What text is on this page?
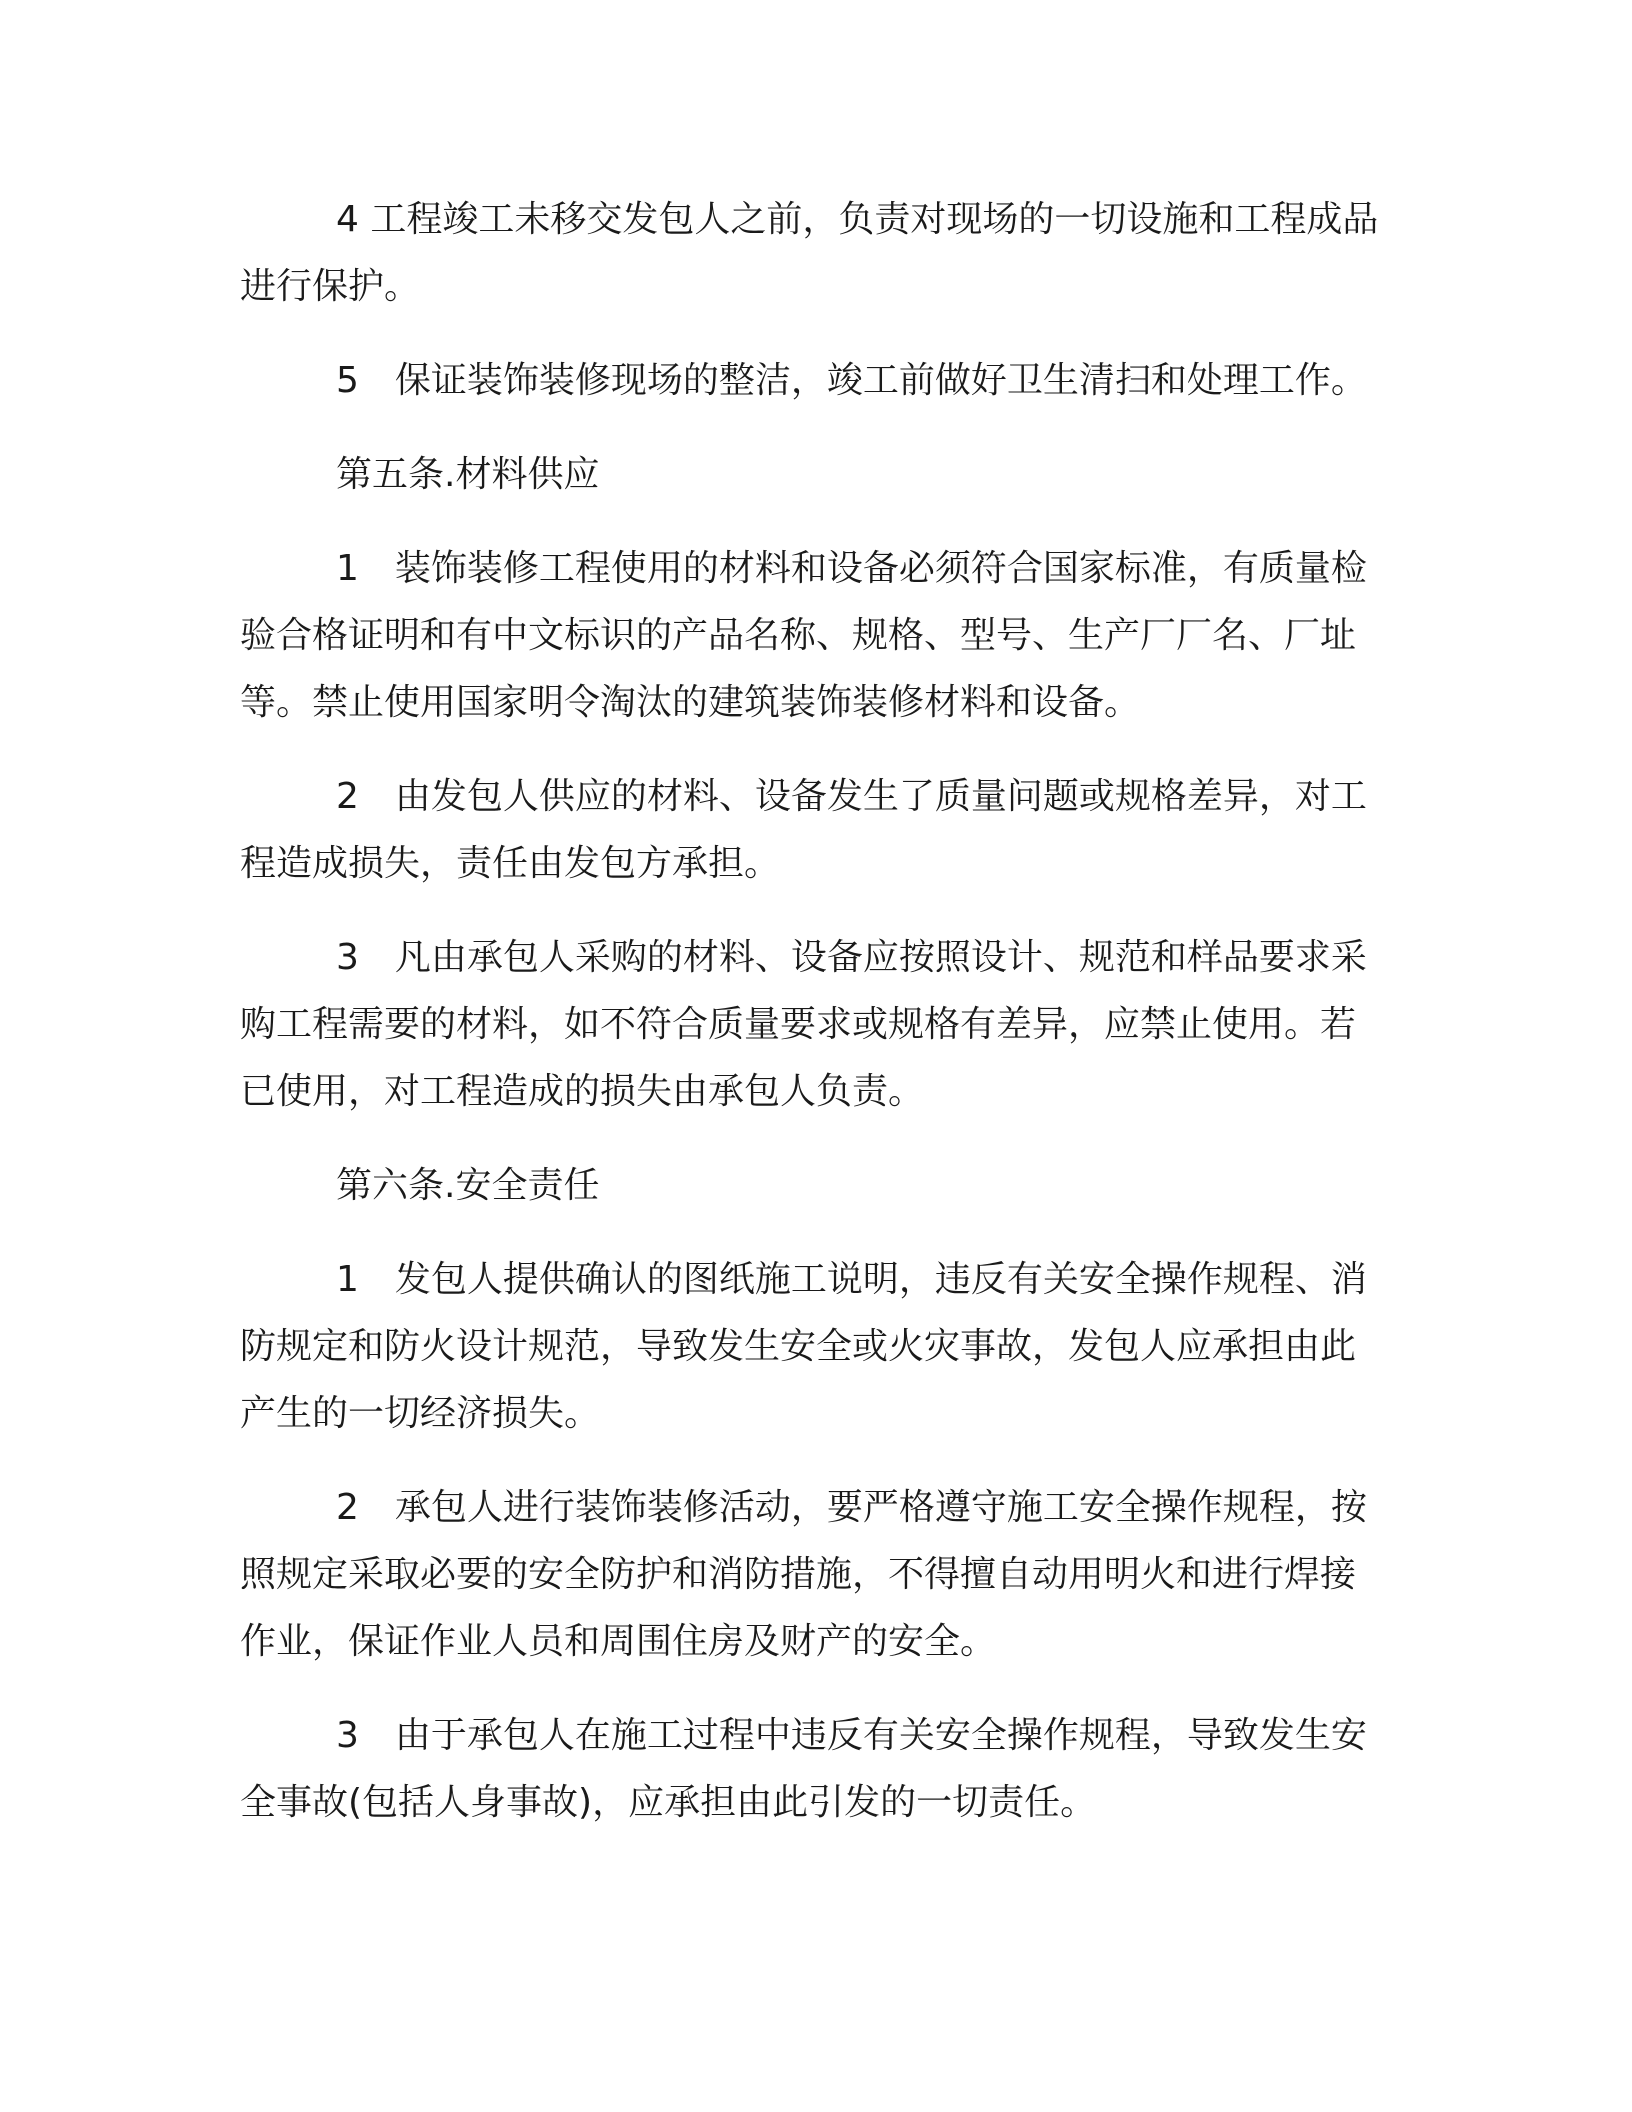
4 工程竣工未移交发包人之前，负责对现场的一切设施和工程成品进行保护。

5　保证装饰装修现场的整洁，竣工前做好卫生清扫和处理工作。

第五条.材料供应

1　装饰装修工程使用的材料和设备必须符合国家标准，有质量检验合格证明和有中文标识的产品名称、规格、型号、生产厂厂名、厂址等。禁止使用国家明令淘汰的建筑装饰装修材料和设备。

2　由发包人供应的材料、设备发生了质量问题或规格差异，对工程造成损失，责任由发包方承担。

3　凡由承包人采购的材料、设备应按照设计、规范和样品要求采购工程需要的材料，如不符合质量要求或规格有差异，应禁止使用。若已使用，对工程造成的损失由承包人负责。

第六条.安全责任

1　发包人提供确认的图纸施工说明，违反有关安全操作规程、消防规定和防火设计规范，导致发生安全或火灾事故，发包人应承担由此产生的一切经济损失。

2　承包人进行装饰装修活动，要严格遵守施工安全操作规程，按照规定采取必要的安全防护和消防措施，不得擅自动用明火和进行焊接作业，保证作业人员和周围住房及财产的安全。

3　由于承包人在施工过程中违反有关安全操作规程，导致发生安全事故(包括人身事故)，应承担由此引发的一切责任。
